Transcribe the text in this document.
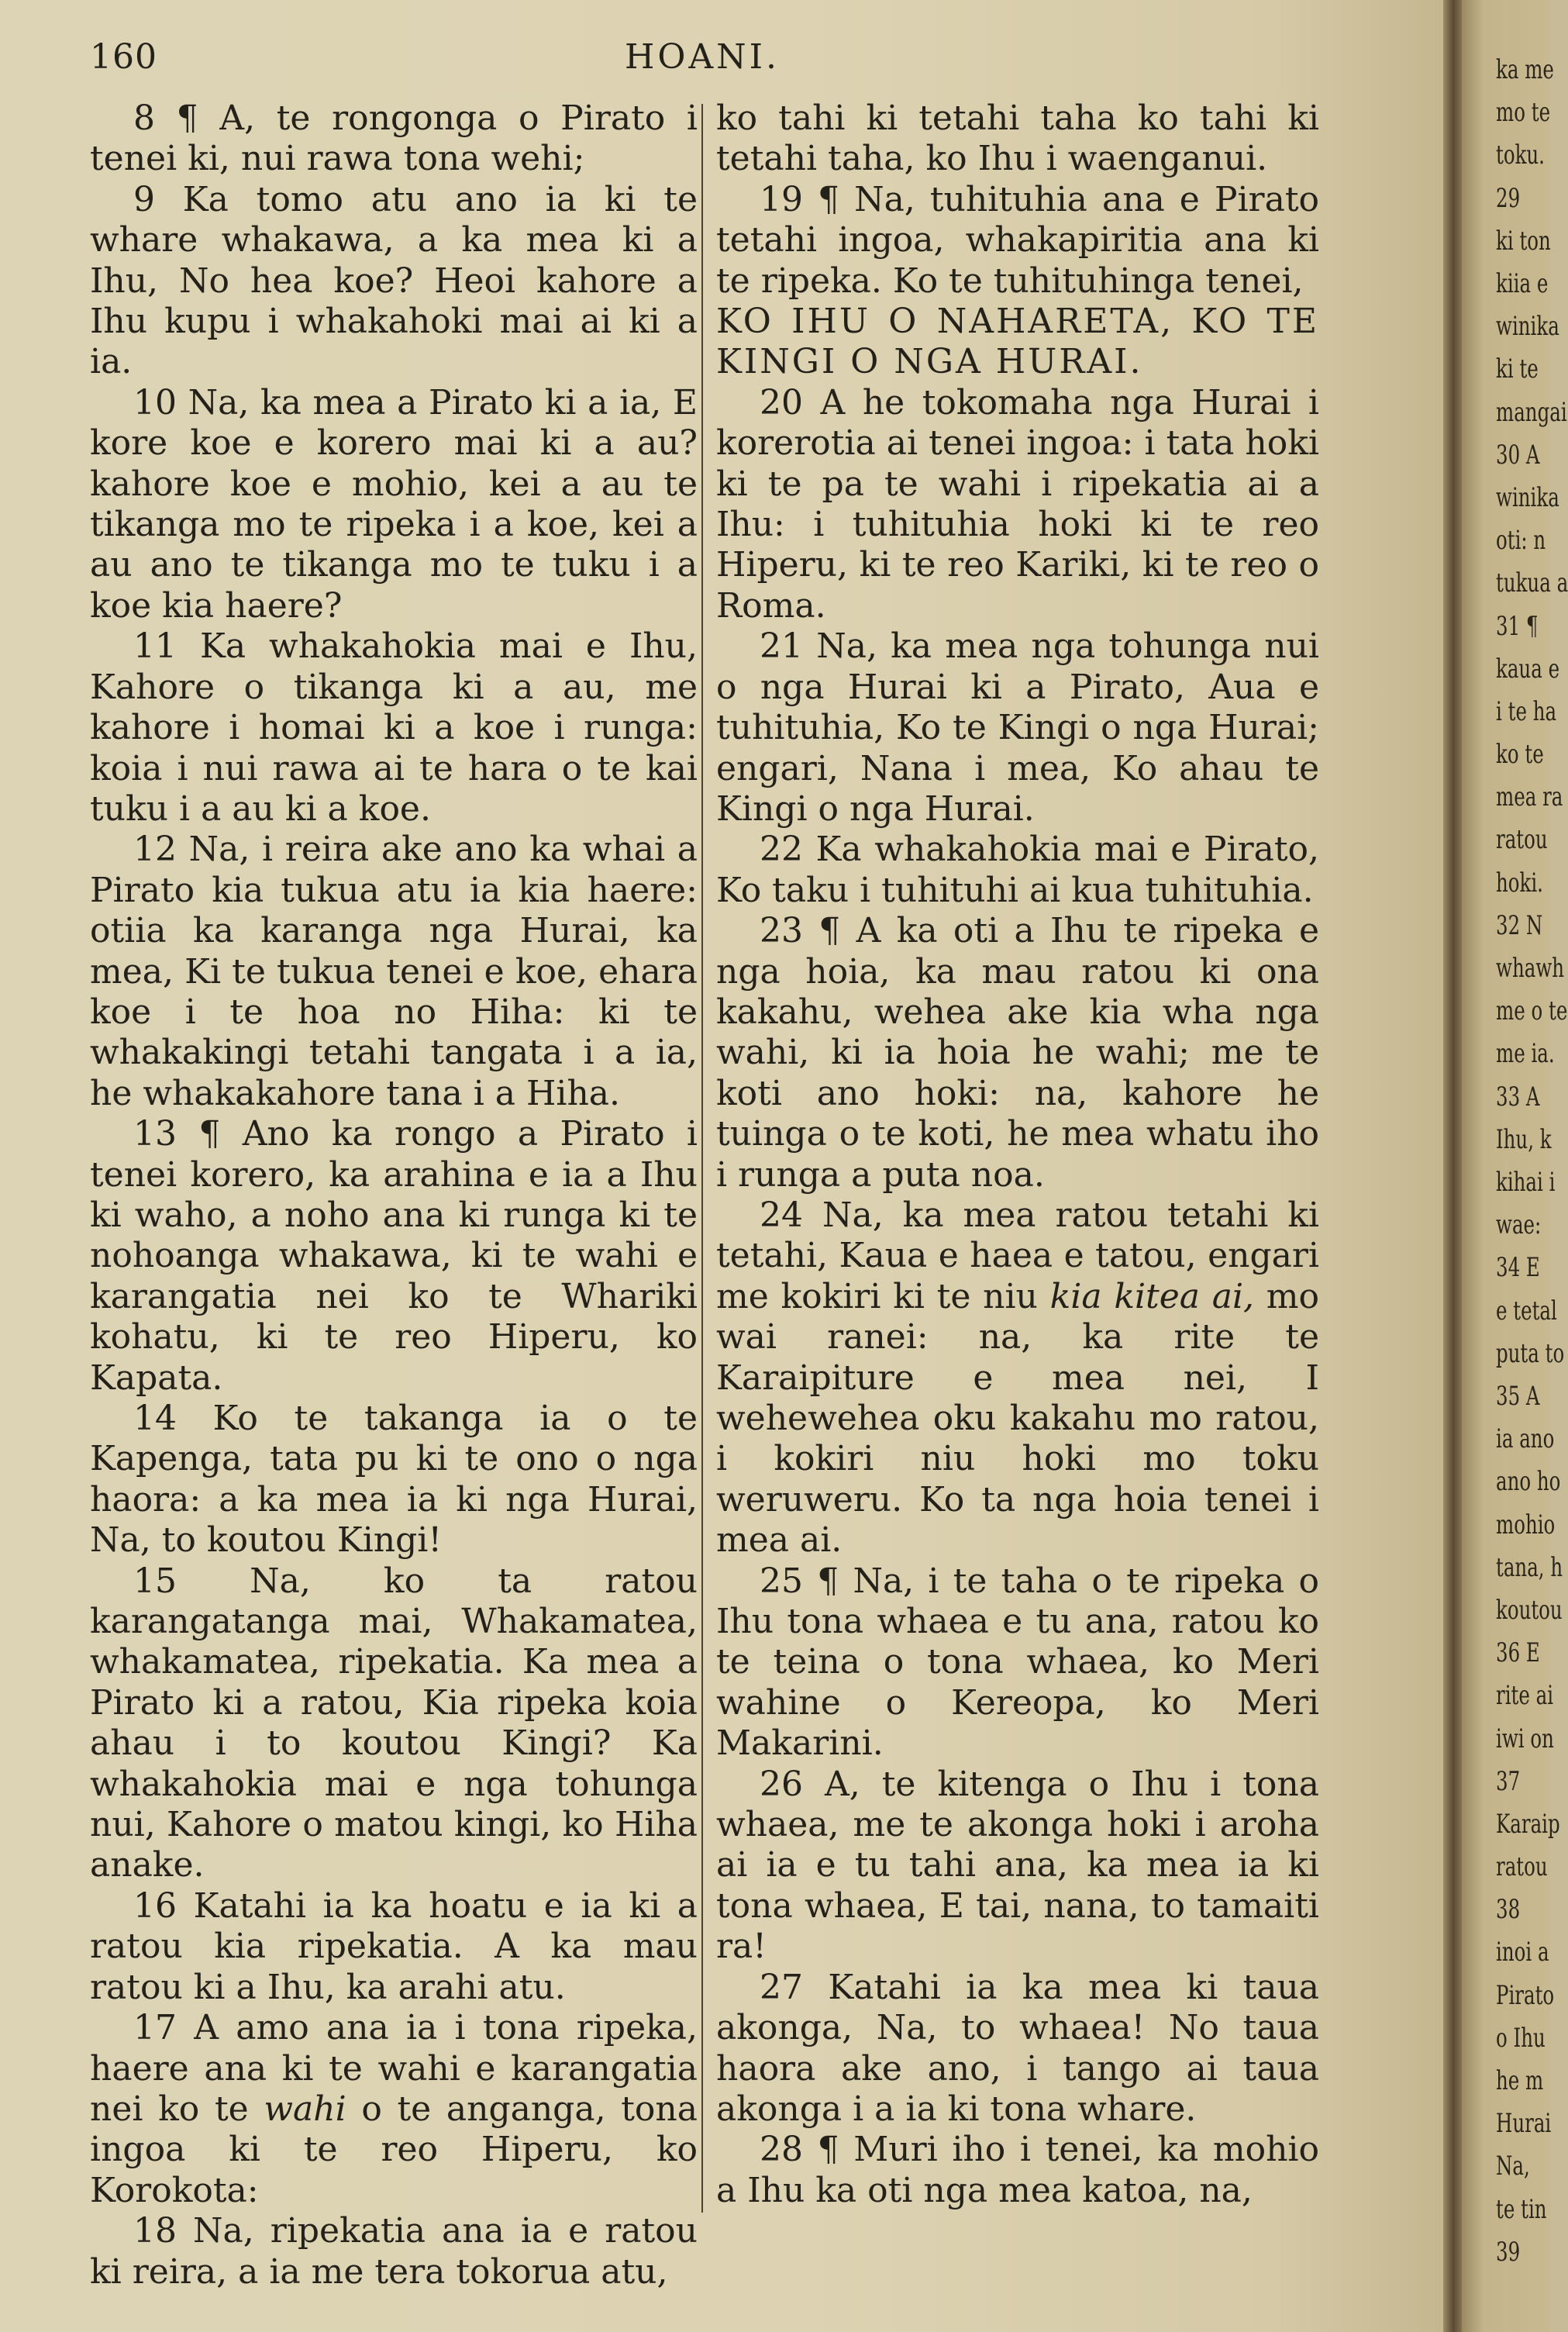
160	HOANI.

8 ¶ A, te rongonga o Pirato i tenei ki, nui rawa tona wehi;

9 Ka tomo atu ano ia ki te whare whakawa, a ka mea ki a Ihu, No hea koe? Heoi kahore a Ihu kupu i whakahoki mai ai ki a ia.

10 Na, ka mea a Pirato ki a ia, E kore koe e korero mai ki a au? kahore koe e mohio, kei a au te tikanga mo te ripeka i a koe, kei a au ano te tikanga mo te tuku i a koe kia haere?

11 Ka whakahokia mai e Ihu, Kahore o tikanga ki a au, me kahore i homai ki a koe i runga: koia i nui rawa ai te hara o te kai tuku i a au ki a koe.

12 Na, i reira ake ano ka whai a Pirato kia tukua atu ia kia haere: otiia ka karanga nga Hurai, ka mea, Ki te tukua tenei e koe, ehara koe i te hoa no Hiha: ki te whakakingi tetahi tangata i a ia, he whakakahore tana i a Hiha.

13 ¶ Ano ka rongo a Pirato i tenei korero, ka arahina e ia a Ihu ki waho, a noho ana ki runga ki te nohoanga whakawa, ki te wahi e karangatia nei ko te Whariki kohatu, ki te reo Hiperu, ko Kapata.

14 Ko te takanga ia o te Kapenga, tata pu ki te ono o nga haora: a ka mea ia ki nga Hurai, Na, to koutou Kingi!

15 Na, ko ta ratou karangatanga mai, Whakamatea, whakamatea, ripekatia. Ka mea a Pirato ki a ratou, Kia ripeka koia ahau i to koutou Kingi? Ka whakahokia mai e nga tohunga nui, Kahore o matou kingi, ko Hiha anake.

16 Katahi ia ka hoatu e ia ki a ratou kia ripekatia. A ka mau ratou ki a Ihu, ka arahi atu.

17 A amo ana ia i tona ripeka, haere ana ki te wahi e karangatia nei ko te wahi o te anganga, tona ingoa ki te reo Hiperu, ko Korokota:

18 Na, ripekatia ana ia e ratou ki reira, a ia me tera tokorua atu,

ko tahi ki tetahi taha ko tahi ki tetahi taha, ko Ihu i waenganui.

19 ¶ Na, tuhituhia ana e Pirato tetahi ingoa, whakapiritia ana ki te ripeka. Ko te tuhituhinga tenei,

KO IHU O NAHARETA, KO TE KINGI O NGA HURAI.

20 A he tokomaha nga Hurai i korerotia ai tenei ingoa: i tata hoki ki te pa te wahi i ripekatia ai a Ihu: i tuhituhia hoki ki te reo Hiperu, ki te reo Kariki, ki te reo o Roma.

21 Na, ka mea nga tohunga nui o nga Hurai ki a Pirato, Aua e tuhituhia, Ko te Kingi o nga Hurai; engari, Nana i mea, Ko ahau te Kingi o nga Hurai.

22 Ka whakahokia mai e Pirato, Ko taku i tuhituhi ai kua tuhituhia.

23 ¶ A ka oti a Ihu te ripeka e nga hoia, ka mau ratou ki ona kakahu, wehea ake kia wha nga wahi, ki ia hoia he wahi; me te koti ano hoki: na, kahore he tuinga o te koti, he mea whatu iho i runga a puta noa.

24 Na, ka mea ratou tetahi ki tetahi, Kaua e haea e tatou, engari me kokiri ki te niu kia kitea ai, mo wai ranei: na, ka rite te Karaipiture e mea nei, I wehewehea oku kakahu mo ratou, i kokiri niu hoki mo toku weruweru. Ko ta nga hoia tenei i mea ai.

25 ¶ Na, i te taha o te ripeka o Ihu tona whaea e tu ana, ratou ko te teina o tona whaea, ko Meri wahine o Kereopa, ko Meri Makarini.

26 A, te kitenga o Ihu i tona whaea, me te akonga hoki i aroha ai ia e tu tahi ana, ka mea ia ki tona whaea, E tai, nana, to tamaiti ra!

27 Katahi ia ka mea ki taua akonga, Na, to whaea! No taua haora ake ano, i tango ai taua akonga i a ia ki tona whare.

28 ¶ Muri iho i tenei, ka mohio a Ihu ka oti nga mea katoa, na,

ka me
mo te
toku.
29
ki ton
kiia e
winika
ki te
mangai
30 A
winika
oti: n
tukua a
31 ¶
kaua e
i te ha
ko te
mea ra
ratou
hoki.
32 N
whawh
me o te
me ia.
33 A
Ihu, k
kihai i
wae:
34 E
e tetal
puta to
35 A
ia ano
ano ho
mohio
tana, h
koutou
36 E
rite ai
iwi on
37
Karaip
ratou
38
inoi a
Pirato
o Ihu
he m
Hurai
Na,
te tin
39
